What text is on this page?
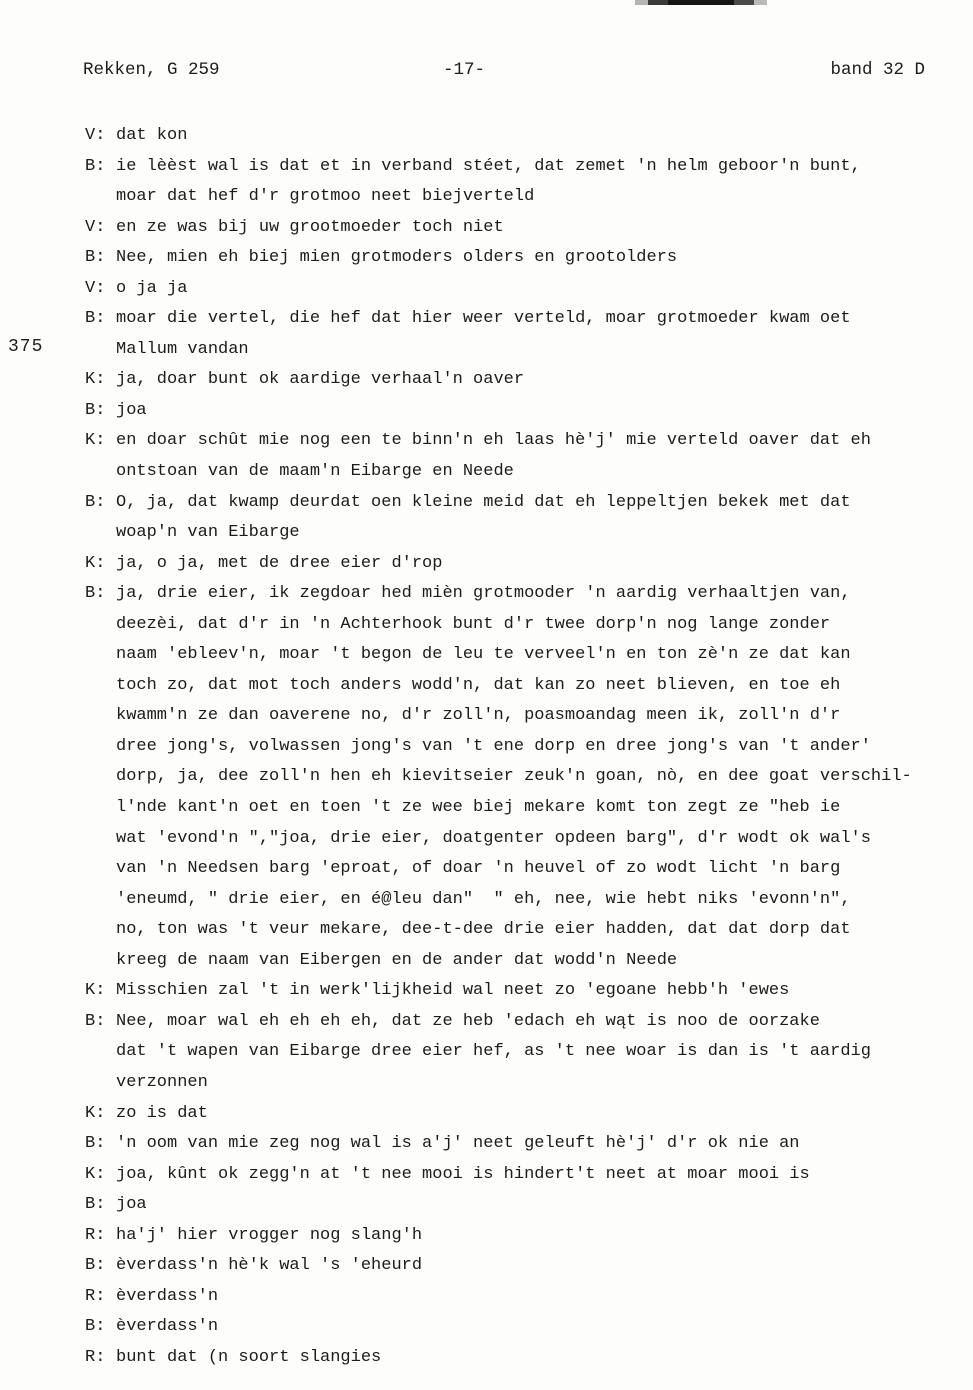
Rekken, G 259	-17-	band 32 D
375
V: dat kon
B: ie lèèst wal is dat et in verband stéet, dat zemet 'n helm geboor'n bunt,
moar dat hef d'r grotmoo neet biejverteld
V: en ze was bij uw grootmoeder toch niet
B: Nee, mien eh biej mien grotmoders olders en grootolders
V: o ja ja
B: moar die vertel, die hef dat hier weer verteld, moar grotmoeder kwam oet
Mallum vandan
K: ja, doar bunt ok aardige verhaal'n oaver
B: joa
K: en doar schût mie nog een te binn'n eh laas hè'j' mie verteld oaver dat eh
ontstoan van de maam'n Eibarge en Neede
B: O, ja, dat kwamp deurdat oen kleine meid dat eh leppeltjen bekek met dat
woap'n van Eibarge
K: ja, o ja, met de dree eier d'rop
B: ja, drie eier, ik zegdoar hed mièn grotmooder 'n aardig verhaaltjen van,
deezèi, dat d'r in 'n Achterhook bunt d'r twee dorp'n nog lange zonder
naam 'ebleev'n, moar 't begon de leu te verveel'n en ton zè'n ze dat kan
toch zo, dat mot toch anders wodd'n, dat kan zo neet blieven, en toe eh
kwamm'n ze dan oaverene no, d'r zoll'n, poasmoandag meen ik, zoll'n d'r
dree jong's, volwassen jong's van 't ene dorp en dree jong's van 't ander'
dorp, ja, dee zoll'n hen eh kievitseier zeuk'n goan, nò, en dee goat verschil-
l'nde kant'n oet en toen 't ze wee biej mekare komt ton zegt ze "heb ie
wat 'evond'n ","joa, drie eier, doatgenter opdeen barg", d'r wodt ok wal's
van 'n Needsen barg 'eproat, of doar 'n heuvel of zo wodt licht 'n barg
'eneumd, " drie eier, en é@leu dan"  " eh, nee, wie hebt niks 'evonn'n",
no, ton was 't veur mekare, dee-t-dee drie eier hadden, dat dat dorp dat
kreeg de naam van Eibergen en de ander dat wodd'n Neede
K: Misschien zal 't in werk'lijkheid wal neet zo 'egoane hebb'h 'ewes
B: Nee, moar wal eh eh eh eh, dat ze heb 'edach eh wąt is noo de oorzake
dat 't wapen van Eibarge dree eier hef, as 't nee woar is dan is 't aardig
verzonnen
K: zo is dat
B: 'n oom van mie zeg nog wal is a'j' neet geleuft hè'j' d'r ok nie an
K: joa, kûnt ok zegg'n at 't nee mooi is hindert't neet at moar mooi is
B: joa
R: ha'j' hier vrogger nog slang'h
B: èverdass'n hè'k wal 's 'eheurd
R: èverdass'n
B: èverdass'n
R: bunt dat (n soort slangies
